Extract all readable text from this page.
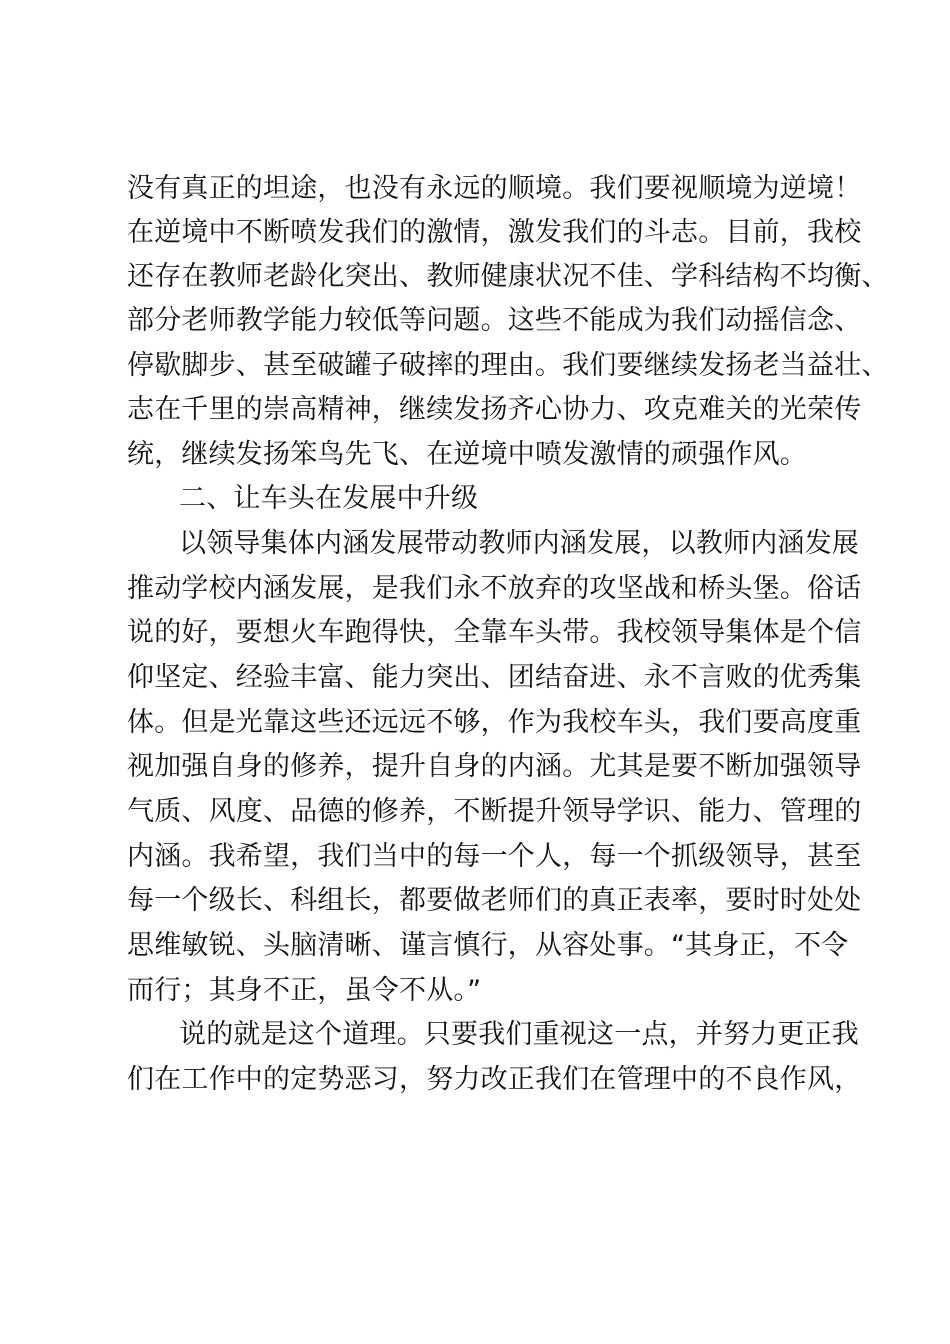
没有真正的坦途，也没有永远的顺境。我们要视顺境为逆境！
在逆境中不断喷发我们的激情，激发我们的斗志。目前，我校
还存在教师老龄化突出、教师健康状况不佳、学科结构不均衡、
部分老师教学能力较低等问题。这些不能成为我们动摇信念、
停歇脚步、甚至破罐子破摔的理由。我们要继续发扬老当益壮、
志在千里的崇高精神，继续发扬齐心协力、攻克难关的光荣传
统，继续发扬笨鸟先飞、在逆境中喷发激情的顽强作风。
二、让车头在发展中升级
以领导集体内涵发展带动教师内涵发展，以教师内涵发展
推动学校内涵发展，是我们永不放弃的攻坚战和桥头堡。俗话
说的好，要想火车跑得快，全靠车头带。我校领导集体是个信
仰坚定、经验丰富、能力突出、团结奋进、永不言败的优秀集
体。但是光靠这些还远远不够，作为我校车头，我们要高度重
视加强自身的修养，提升自身的内涵。尤其是要不断加强领导
气质、风度、品德的修养，不断提升领导学识、能力、管理的
内涵。我希望，我们当中的每一个人，每一个抓级领导，甚至
每一个级长、科组长，都要做老师们的真正表率，要时时处处
思维敏锐、头脑清晰、谨言慎行，从容处事。“其身正，不令
而行；其身不正，虽令不从。”
说的就是这个道理。只要我们重视这一点，并努力更正我
们在工作中的定势恶习，努力改正我们在管理中的不良作风，
